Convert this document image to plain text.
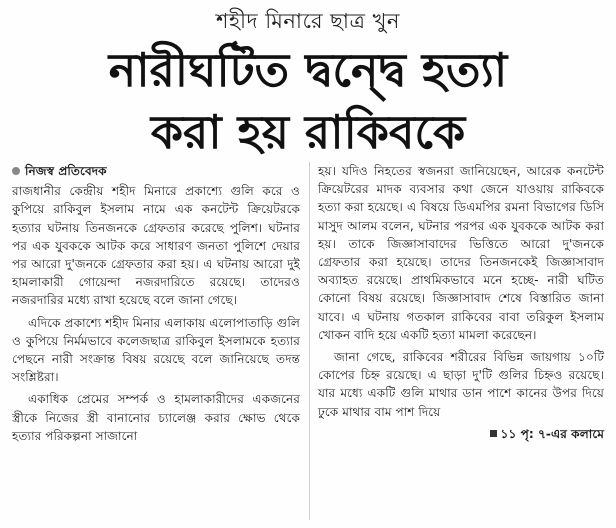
শহীদ মিনারে ছাত্র খুন
নারীঘটিত দ্বন্দ্বে হত্যা
করা হয় রাকিবকে
নিজস্ব প্রতিবেদক

রাজধানীর কেন্দ্রীয় শহীদ মিনারে প্রকাশ্যে গুলি করে ও কুপিয়ে রাকিবুল ইসলাম নামে এক কনটেন্ট ক্রিয়েটরকে হত্যার ঘটনায় তিনজনকে গ্রেফতার করেছে পুলিশ। ঘটনার পর এক যুবককে আটক করে সাধারণ জনতা পুলিশে দেয়ার পর আরো দু'জনকে গ্রেফতার করা হয়। এ ঘটনায় আরো দুই হামলাকারী গোয়েন্দা নজরদারিতে রয়েছে। তাদেরও নজরদারির মধ্যে রাখা হয়েছে বলে জানা গেছে।

এদিকে প্রকাশ্যে শহীদ মিনার এলাকায় এলোপাতাড়ি গুলি ও কুপিয়ে নির্মমভাবে কলেজছাত্র রাকিবুল ইসলামকে হত্যার পেছনে নারী সংক্রান্ত বিষয় রয়েছে বলে জানিয়েছে তদন্ত সংশ্লিষ্টরা।

একাধিক প্রেমের সম্পর্ক ও হামলাকারীদের একজনের স্ত্রীকে নিজের স্ত্রী বানানোর চ্যালেঞ্জ করার ক্ষোভ থেকে হত্যার পরিকল্পনা সাজানো

হয়। যদিও নিহতের স্বজনরা জানিয়েছেন, আরেক কনটেন্ট ক্রিয়েটরের মাদক ব্যবসার কথা জেনে যাওয়ায় রাকিবকে হত্যা করা হয়েছে। এ বিষয়ে ডিএমপির রমনা বিভাগের ডিসি মাসুদ আলম বলেন, ঘটনার পরপর এক যুবককে আটক করা হয়। তাকে জিজ্ঞাসাবাদের ভিত্তিতে আরো দু'জনকে গ্রেফতার করা হয়েছে। তাদের তিনজনকেই জিজ্ঞাসাবাদ অব্যাহত রয়েছে। প্রাথমিকভাবে মনে হচ্ছে- নারী ঘটিত কোনো বিষয় রয়েছে। জিজ্ঞাসাবাদ শেষে বিস্তারিত জানা যাবে। এ ঘটনায় গতকাল রাকিবের বাবা তরিকুল ইসলাম খোকন বাদি হয়ে একটি হত্যা মামলা করেছেন।

জানা গেছে, রাকিবের শরীরের বিভিন্ন জায়গায় ১০টি কোপের চিহ্ন রয়েছে। এ ছাড়া দু'টি গুলির চিহ্নও রয়েছে। যার মধ্যে একটি গুলি মাথার ডান পাশে কানের উপর দিয়ে ঢুকে মাথার বাম পাশ দিয়ে

১১ পৃ: ৭-এর কলামে
